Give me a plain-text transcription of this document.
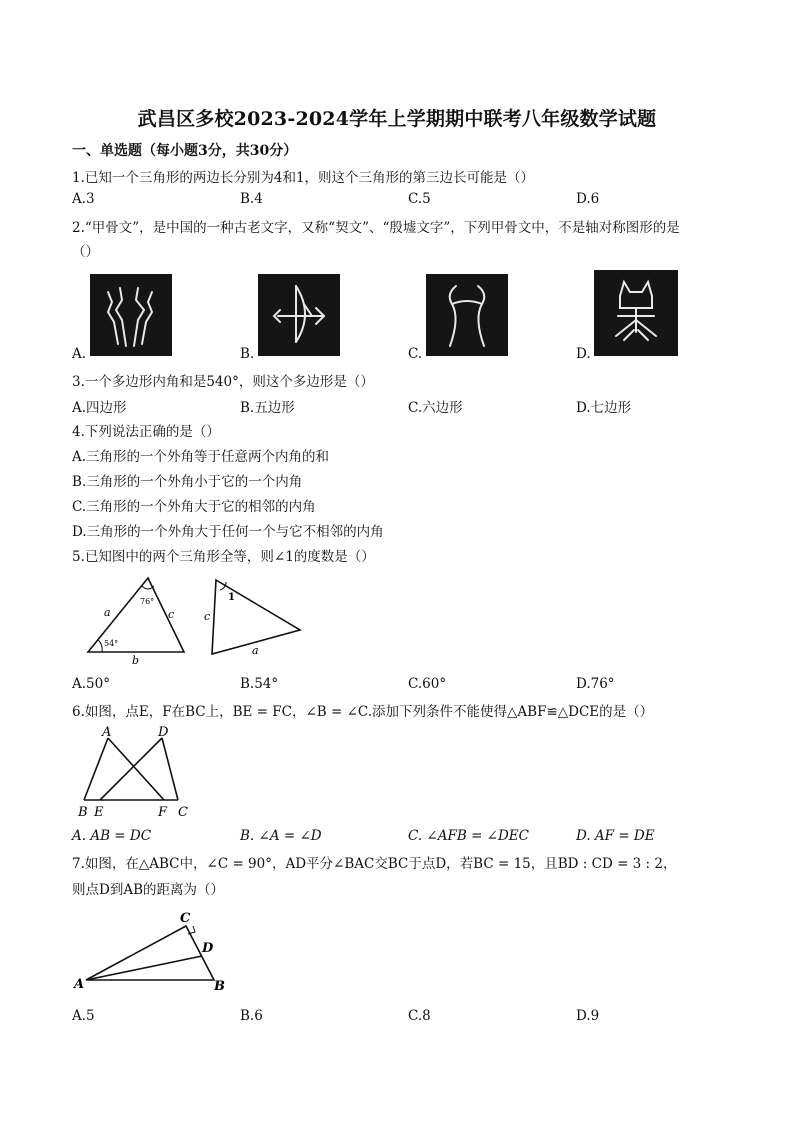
武昌区多校2023-2024学年上学期期中联考八年级数学试题
一、单选题（每小题3分，共30分）
1.已知一个三角形的两边长分别为4和1，则这个三角形的第三边长可能是（）
A.3	B.4	C.5	D.6
2.“甲骨文”，是中国的一种古老文字，又称“契文”、“殷墟文字”，下列甲骨文中，不是轴对称图形的是
（）
A.	B.	C.	D.
3.一个多边形内角和是540°，则这个多边形是（）
A.四边形	B.五边形	C.六边形	D.七边形
4.下列说法正确的是（）
A.三角形的一个外角等于任意两个内角的和
B.三角形的一个外角小于它的一个内角
C.三角形的一个外角大于它的相邻的内角
D.三角形的一个外角大于任何一个与它不相邻的内角
5.已知图中的两个三角形全等，则∠1的度数是（）
a	c
b
76°
54°
1
c
a
A.50°	B.54°	C.60°	D.76°
6.如图，点E，F在BC上，BE = FC，∠B = ∠C.添加下列条件不能使得△ABF≌△DCE的是（）
A	D
B E	F C
A. AB = DC	B. ∠A = ∠D	C. ∠AFB = ∠DEC	D. AF = DE
7.如图，在△ABC中，∠C = 90°，AD平分∠BAC交BC于点D，若BC = 15，且BD : CD = 3 : 2，
则点D到AB的距离为（）
C
D
A	B
A.5	B.6	C.8	D.9
